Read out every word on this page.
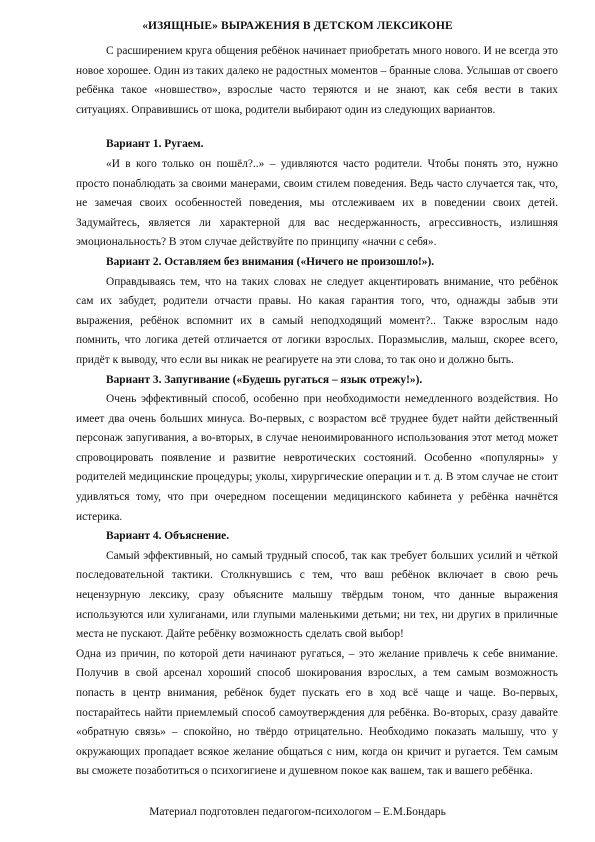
«ИЗЯЩНЫЕ» ВЫРАЖЕНИЯ В ДЕТСКОМ ЛЕКСИКОНЕ

С расширением круга общения ребёнок начинает приобретать много нового. И не всегда это новое хорошее. Один из таких далеко не радостных моментов – бранные слова. Услышав от своего ребёнка такое «новшество», взрослые часто теряются и не знают, как себя вести в таких ситуациях. Оправившись от шока, родители выбирают один из следующих вариантов.

Вариант 1. Ругаем.

«И в кого только он пошёл?..» – удивляются часто родители. Чтобы понять это, нужно просто понаблюдать за своими манерами, своим стилем поведения. Ведь часто случается так, что, не замечая своих особенностей поведения, мы отслеживаем их в поведении своих детей. Задумайтесь, является ли характерной для вас несдержанность, агрессивность, излишняя эмоциональность? В этом случае действуйте по принципу «начни с себя».

Вариант 2. Оставляем без внимания («Ничего не произошло!»).

Оправдываясь тем, что на таких словах не следует акцентировать внимание, что ребёнок сам их забудет, родители отчасти правы. Но какая гарантия того, что, однажды забыв эти выражения, ребёнок вспомнит их в самый неподходящий момент?.. Также взрослым надо помнить, что логика детей отличается от логики взрослых. Поразмыслив, малыш, скорее всего, придёт к выводу, что если вы никак не реагируете на эти слова, то так оно и должно быть.

Вариант 3. Запугивание («Будешь ругаться – язык отрежу!»).

Очень эффективный способ, особенно при необходимости немедленного воздействия. Но имеет два очень больших минуса. Во-первых, с возрастом всё труднее будет найти действенный персонаж запугивания, а во-вторых, в случае неноимированного использования этот метод может спровоцировать появление и развитие невротических состояний. Особенно «популярны» у родителей медицинские процедуры; уколы, хирургические операции и т. д. В этом случае не стоит удивляться тому, что при очередном посещении медицинского кабинета у ребёнка начнётся истерика.

Вариант 4. Объяснение.

Самый эффективный, но самый трудный способ, так как требует больших усилий и чёткой последовательной тактики. Столкнувшись с тем, что ваш ребёнок включает в свою речь нецензурную лексику, сразу объясните малышу твёрдым тоном, что данные выражения используются или хулиганами, или глупыми маленькими детьми; ни тех, ни других в приличные места не пускают. Дайте ребёнку возможность сделать свой выбор!

Одна из причин, по которой дети начинают ругаться, – это желание привлечь к себе внимание. Получив в свой арсенал хороший способ шокирования взрослых, а тем самым возможность попасть в центр внимания, ребёнок будет пускать его в ход всё чаще и чаще. Во-первых, постарайтесь найти приемлемый способ самоутверждения для ребёнка. Во-вторых, сразу давайте «обратную связь» – спокойно, но твёрдо отрицательно. Необходимо показать малышу, что у окружающих пропадает всякое желание общаться с ним, когда он кричит и ругается. Тем самым вы сможете позаботиться о психогигиене и душевном покое как вашем, так и вашего ребёнка.

Материал подготовлен педагогом-психологом – Е.М.Бондарь
